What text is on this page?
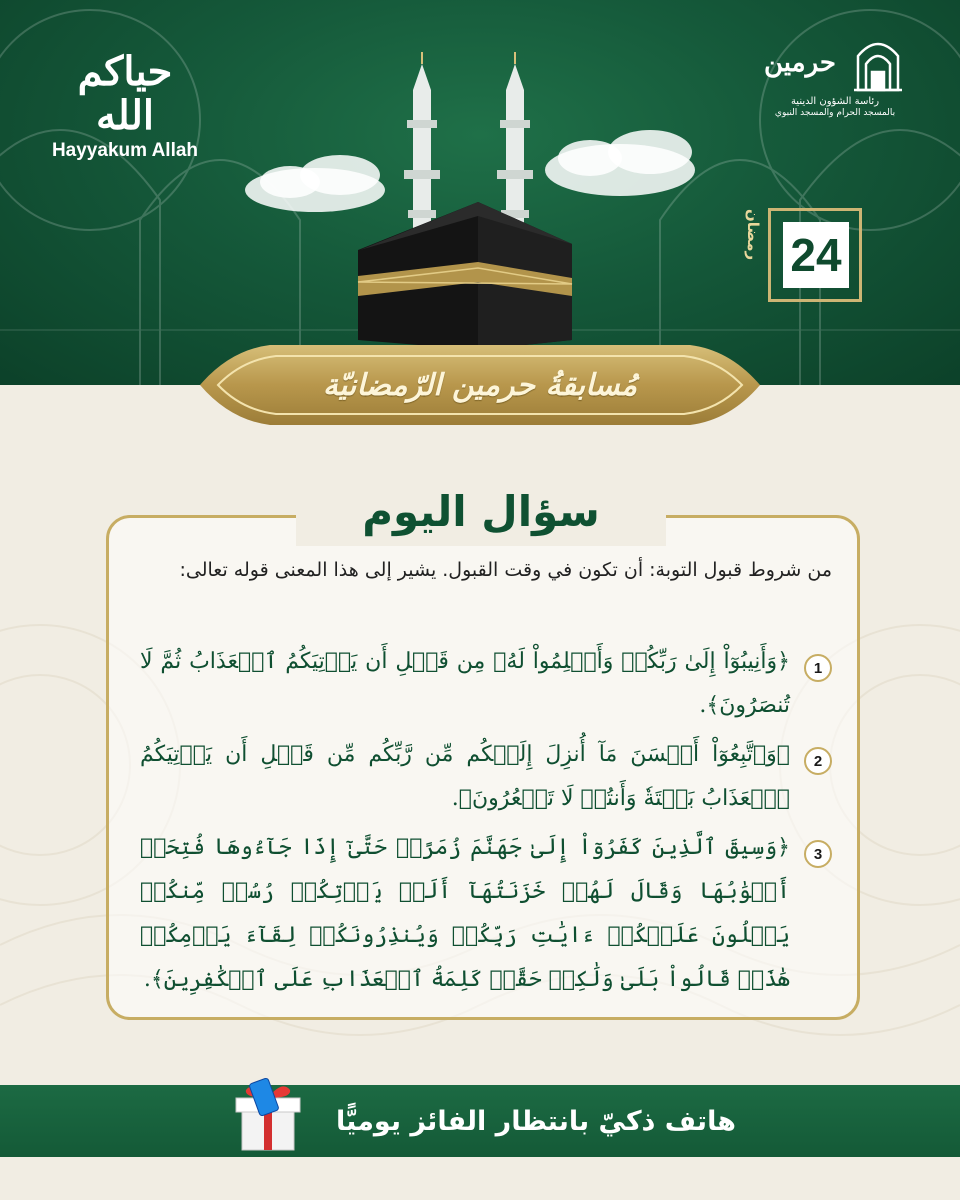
حياكم الله
Hayyakum Allah
حرمين
رئاسة الشؤون الدينية
بالمسجد الحرام والمسجد النبوي
24
رمضان
مُسابقةُ حرمين الرّمضانيّة
سؤال اليوم
من شروط قبول التوبة: أن تكون في وقت القبول. يشير إلى هذا المعنى قوله تعالى:
1
﴿وَأَنِيبُوٓاْ إِلَىٰ رَبِّكُمۡ وَأَسۡلِمُواْ لَهُۥ مِن قَبۡلِ أَن يَأۡتِيَكُمُ ٱلۡعَذَابُ ثُمَّ لَا تُنصَرُونَ﴾.
2
﴿وَٱتَّبِعُوٓاْ أَحۡسَنَ مَآ أُنزِلَ إِلَيۡكُم مِّن رَّبِّكُم مِّن قَبۡلِ أَن يَأۡتِيَكُمُ ٱلۡعَذَابُ بَغۡتَةٗ وَأَنتُمۡ لَا تَشۡعُرُونَ﴾.
3
﴿وَسِيقَ ٱلَّذِينَ كَفَرُوٓاْ إِلَىٰ جَهَنَّمَ زُمَرًاۖ حَتَّىٰٓ إِذَا جَآءُوهَا فُتِحَتۡ أَبۡوَٰبُهَا وَقَالَ لَهُمۡ خَزَنَتُهَآ أَلَمۡ يَأۡتِكُمۡ رُسُلٞ مِّنكُمۡ يَتۡلُونَ عَلَيۡكُمۡ ءَايَٰتِ رَبِّكُمۡ وَيُنذِرُونَكُمۡ لِقَآءَ يَوۡمِكُمۡ هَٰذَاۚ قَالُواْ بَلَىٰ وَلَٰكِنۡ حَقَّتۡ كَلِمَةُ ٱلۡعَذَابِ عَلَى ٱلۡكَٰفِرِينَ﴾.
هاتف ذكيّ بانتظار الفائز يوميًّا
